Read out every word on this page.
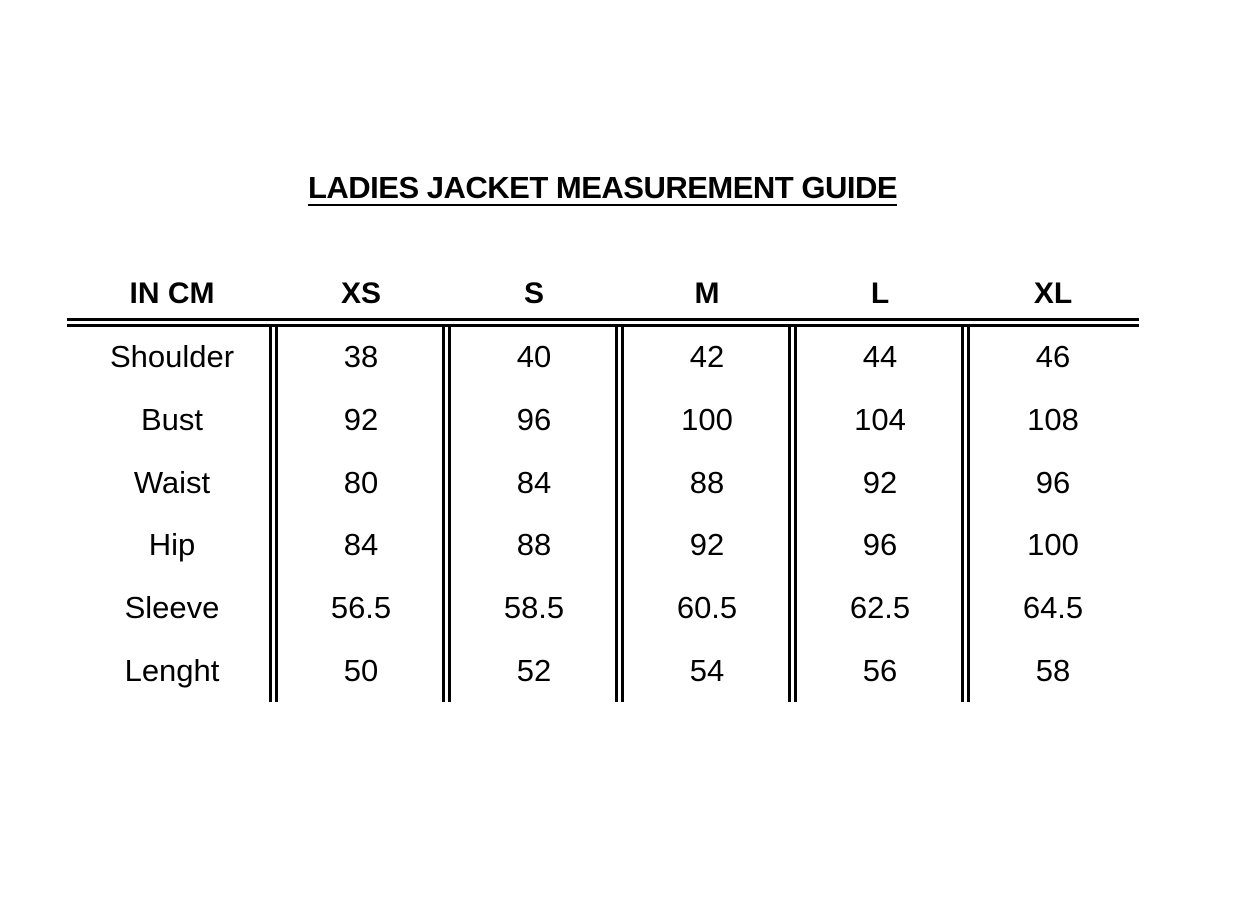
LADIES JACKET MEASUREMENT GUIDE
IN CM	XS	S	M	L	XL
Shoulder	38	40	42	44	46
Bust	92	96	100	104	108
Waist	80	84	88	92	96
Hip	84	88	92	96	100
Sleeve	56.5	58.5	60.5	62.5	64.5
Lenght	50	52	54	56	58
